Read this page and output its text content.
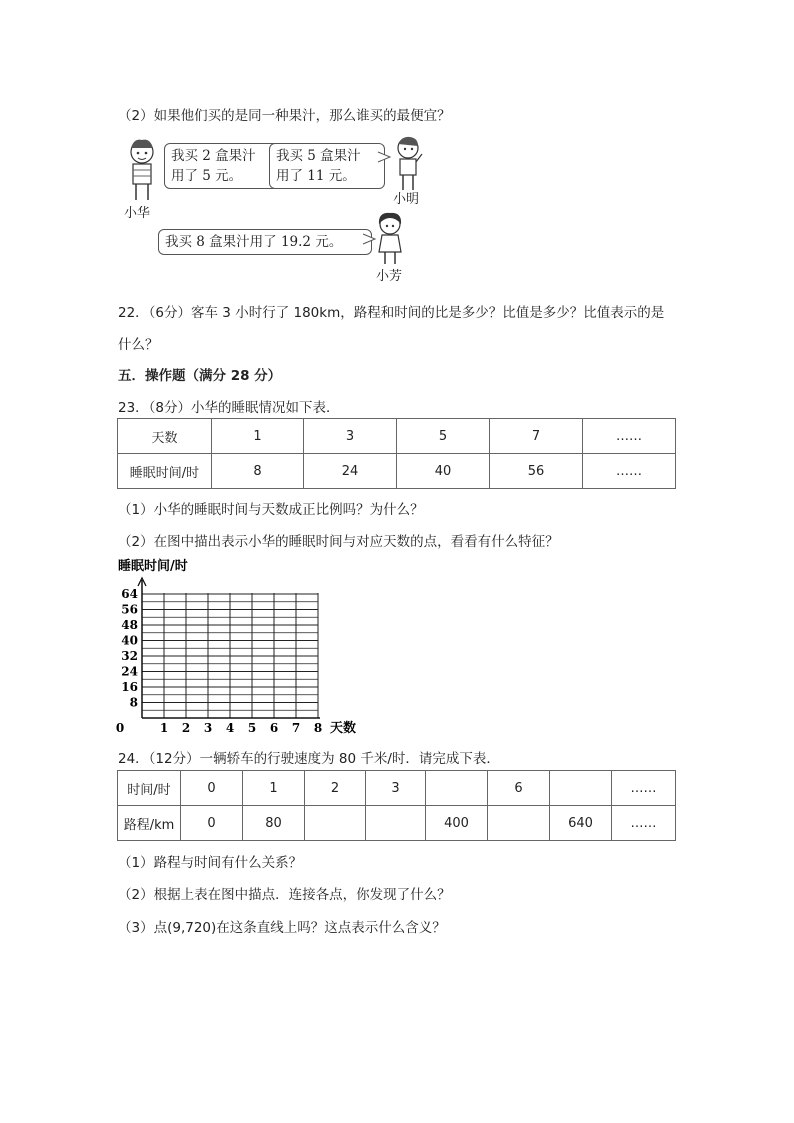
（2）如果他们买的是同一种果汁，那么谁买的最便宜？
小华
我买 2 盒果汁
用了 5 元。
我买 5 盒果汁
用了 11 元。
小明
我买 8 盒果汁用了 19.2 元。
小芳
22．（6分）客车 3 小时行了 180km，路程和时间的比是多少？比值是多少？比值表示的是
什么？
五．操作题（满分 28 分）
23．（8分）小华的睡眠情况如下表．
天数	1	3	5	7	……
睡眠时间/时	8	24	40	56	……
（1）小华的睡眠时间与天数成正比例吗？为什么？
（2）在图中描出表示小华的睡眠时间与对应天数的点，看看有什么特征？
睡眠时间/时
8
16
24
32
40
48
56
64
0	1 2 3 4 5 6 7 8 天数
24．（12分）一辆轿车的行驶速度为 80 千米/时．请完成下表．
时间/时	0	1	2	3		6		……
路程/km	0	80			400		640	……
（1）路程与时间有什么关系？
（2）根据上表在图中描点．连接各点，你发现了什么？
（3）点(9,720)在这条直线上吗？这点表示什么含义？
